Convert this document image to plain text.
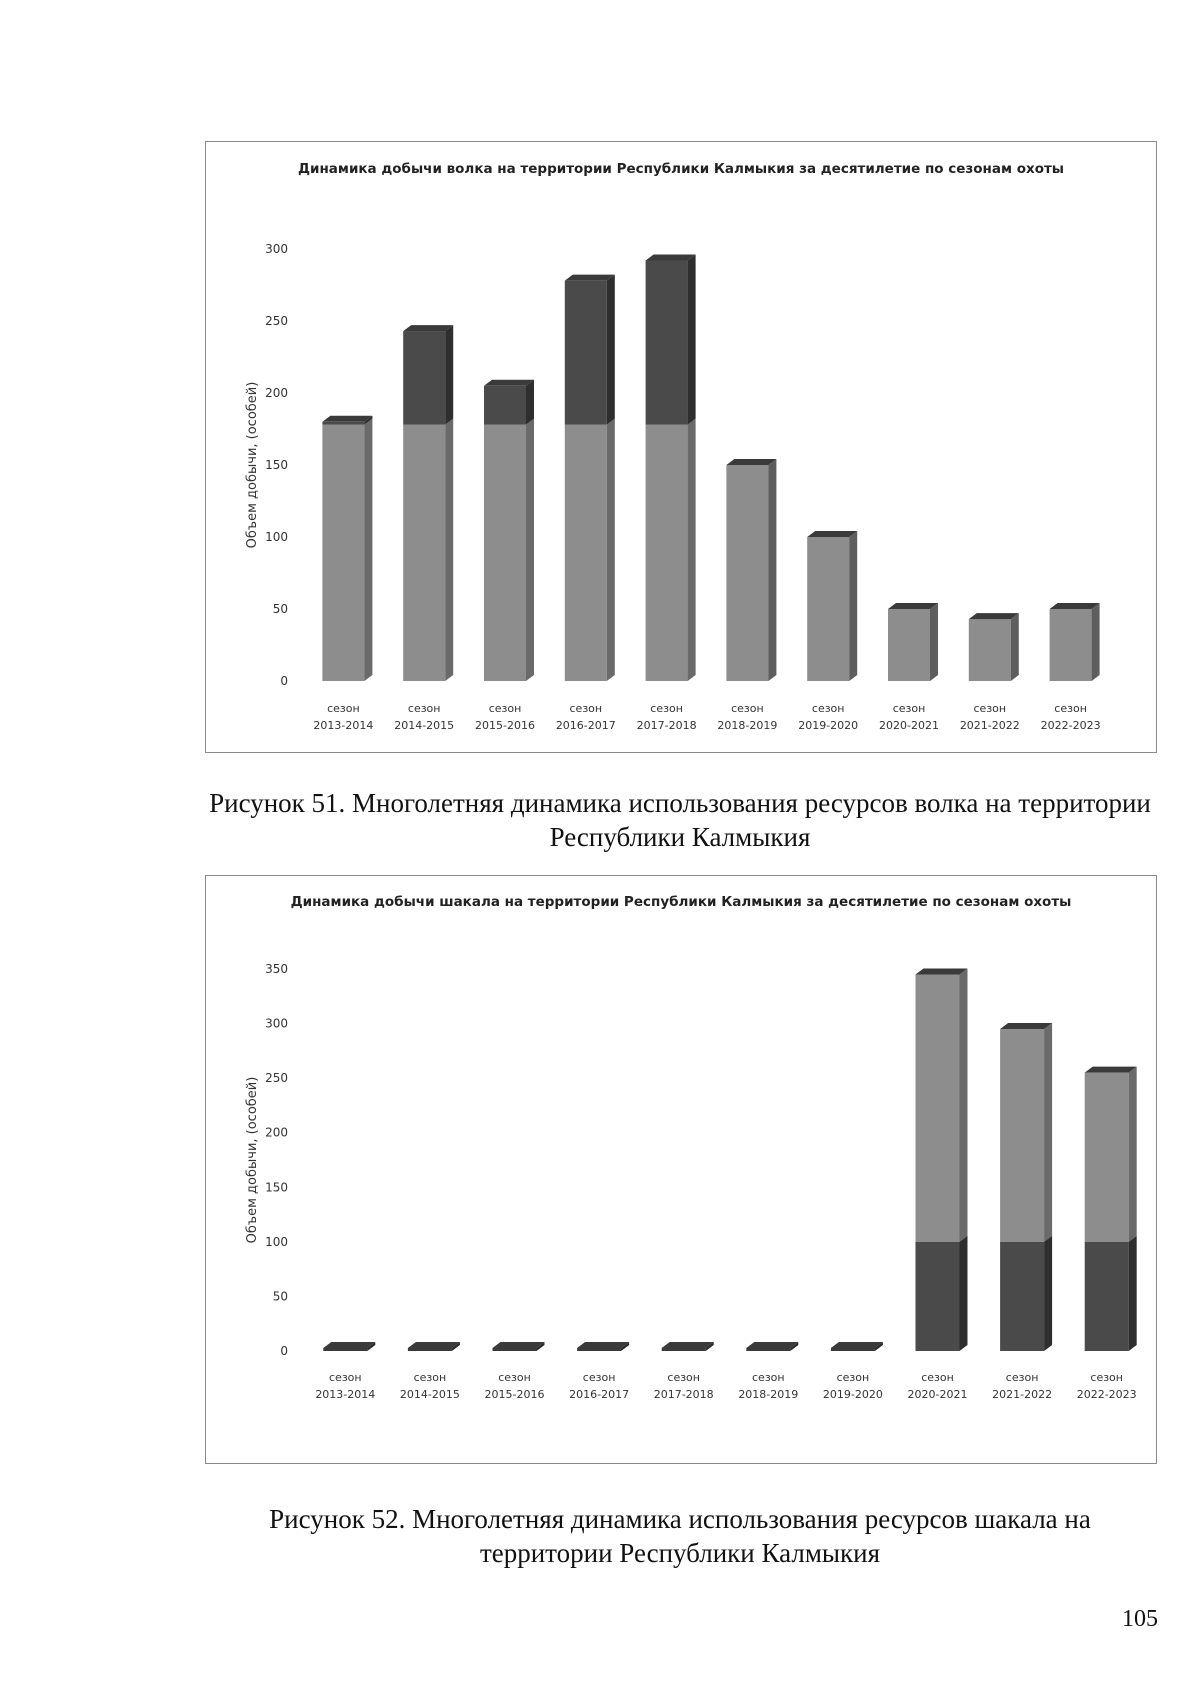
Объем добычи, (особей)
0
50
100
150
200
250
300
сезон
2013-2014
сезон
2014-2015
сезон
2015-2016
сезон
2016-2017
сезон
2017-2018
сезон
2018-2019
сезон
2019-2020
сезон
2020-2021
сезон
2021-2022
сезон
2022-2023
Динамика добычи волка на территории Республики Калмыкия за десятилетие по сезонам охоты
Рисунок 51. Многолетняя динамика использования ресурсов волка на территории Республики Калмыкия
Объем добычи, (особей)
0
50
100
150
200
250
300
350
сезон
2013-2014
сезон
2014-2015
сезон
2015-2016
сезон
2016-2017
сезон
2017-2018
сезон
2018-2019
сезон
2019-2020
сезон
2020-2021
сезон
2021-2022
сезон
2022-2023
Динамика добычи шакала на территории Республики Калмыкия за десятилетие по сезонам охоты
Рисунок 52. Многолетняя динамика использования ресурсов шакала на территории Республики Калмыкия
105
